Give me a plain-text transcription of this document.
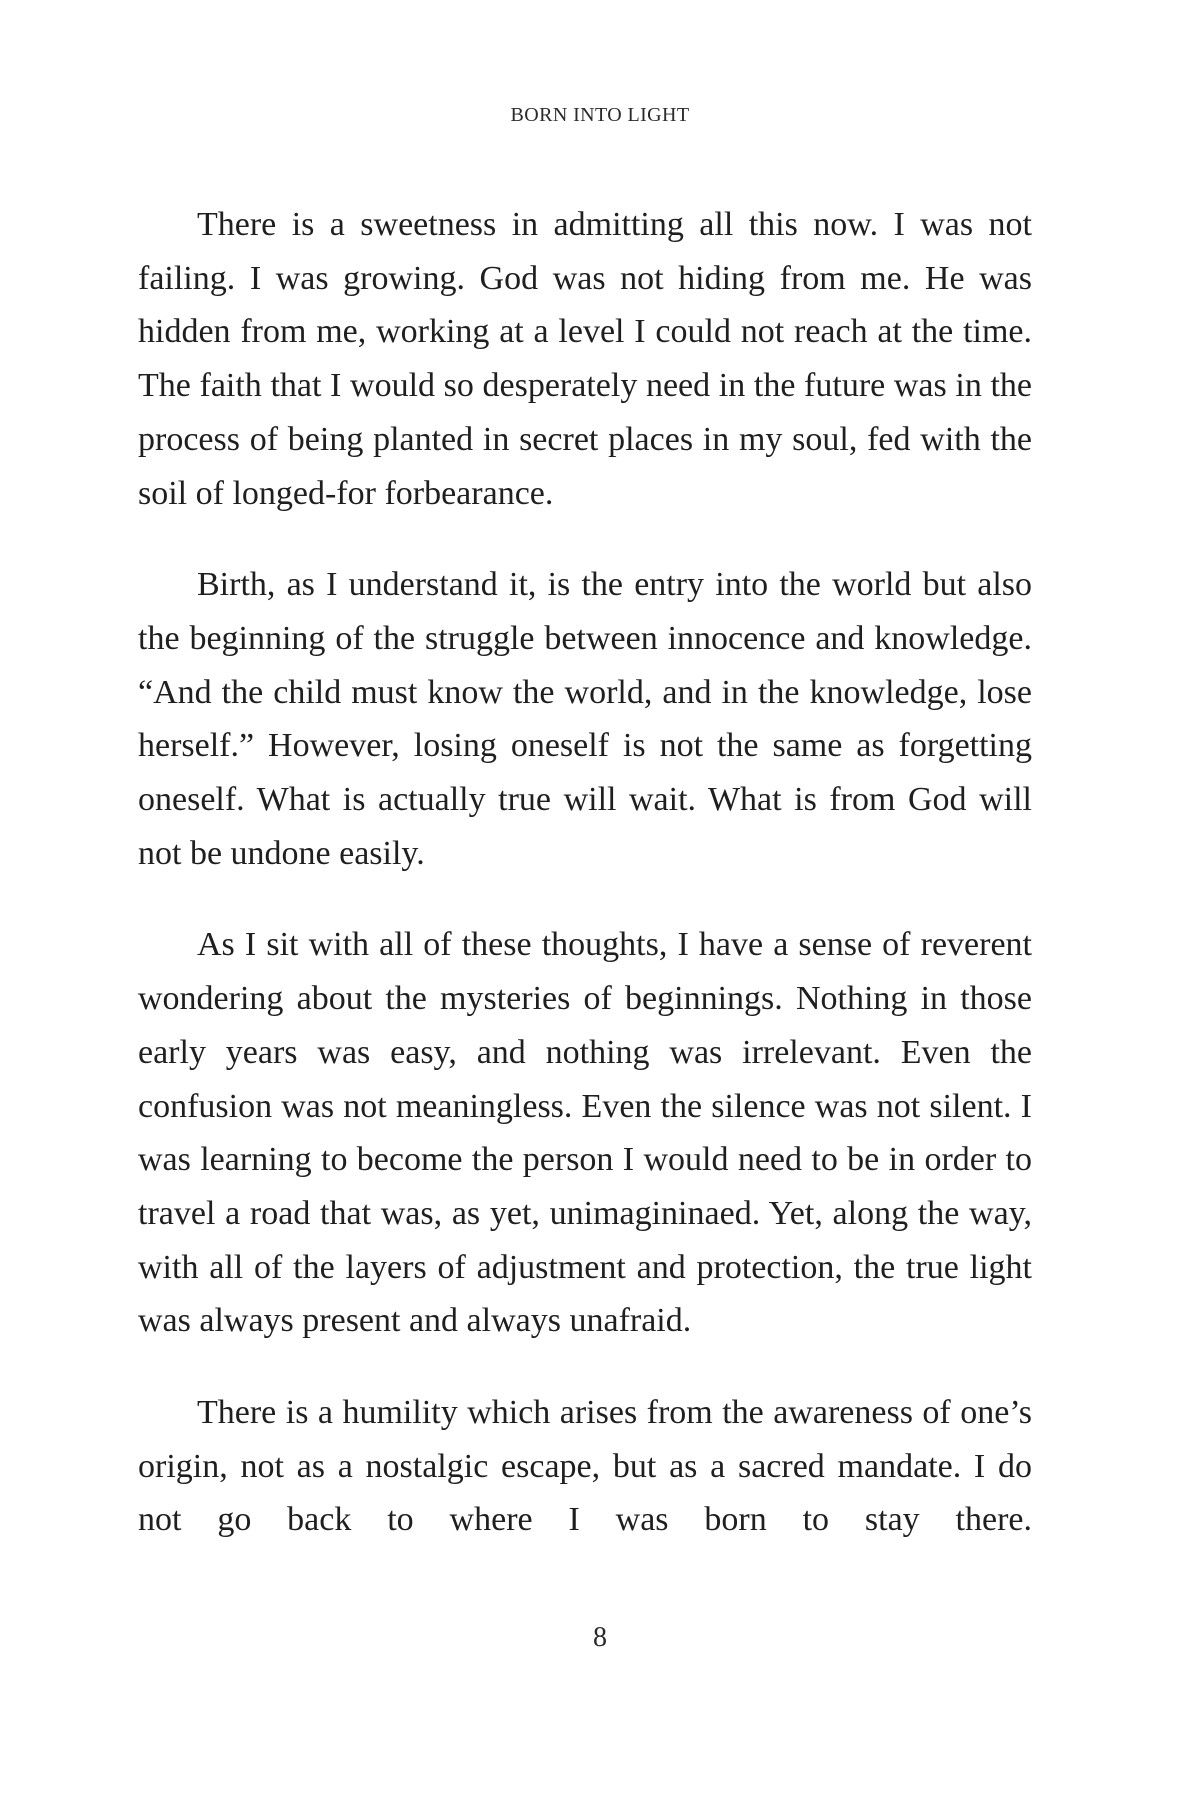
BORN INTO LIGHT

There is a sweetness in admitting all this now. I was not failing. I was growing. God was not hiding from me. He was hidden from me, working at a level I could not reach at the time. The faith that I would so desperately need in the future was in the process of being planted in secret places in my soul, fed with the soil of longed-for forbearance.

Birth, as I understand it, is the entry into the world but also the beginning of the struggle between innocence and knowledge. “And the child must know the world, and in the knowledge, lose herself.” However, losing oneself is not the same as forgetting oneself. What is actually true will wait. What is from God will not be undone easily.

As I sit with all of these thoughts, I have a sense of reverent wondering about the mysteries of beginnings. Nothing in those early years was easy, and nothing was irrelevant. Even the confusion was not meaningless. Even the silence was not silent. I was learning to become the person I would need to be in order to travel a road that was, as yet, unimagininaed. Yet, along the way, with all of the layers of adjustment and protection, the true light was always present and always unafraid.

There is a humility which arises from the awareness of one’s origin, not as a nostalgic escape, but as a sacred mandate. I do not go back to where I was born to stay there.

8
